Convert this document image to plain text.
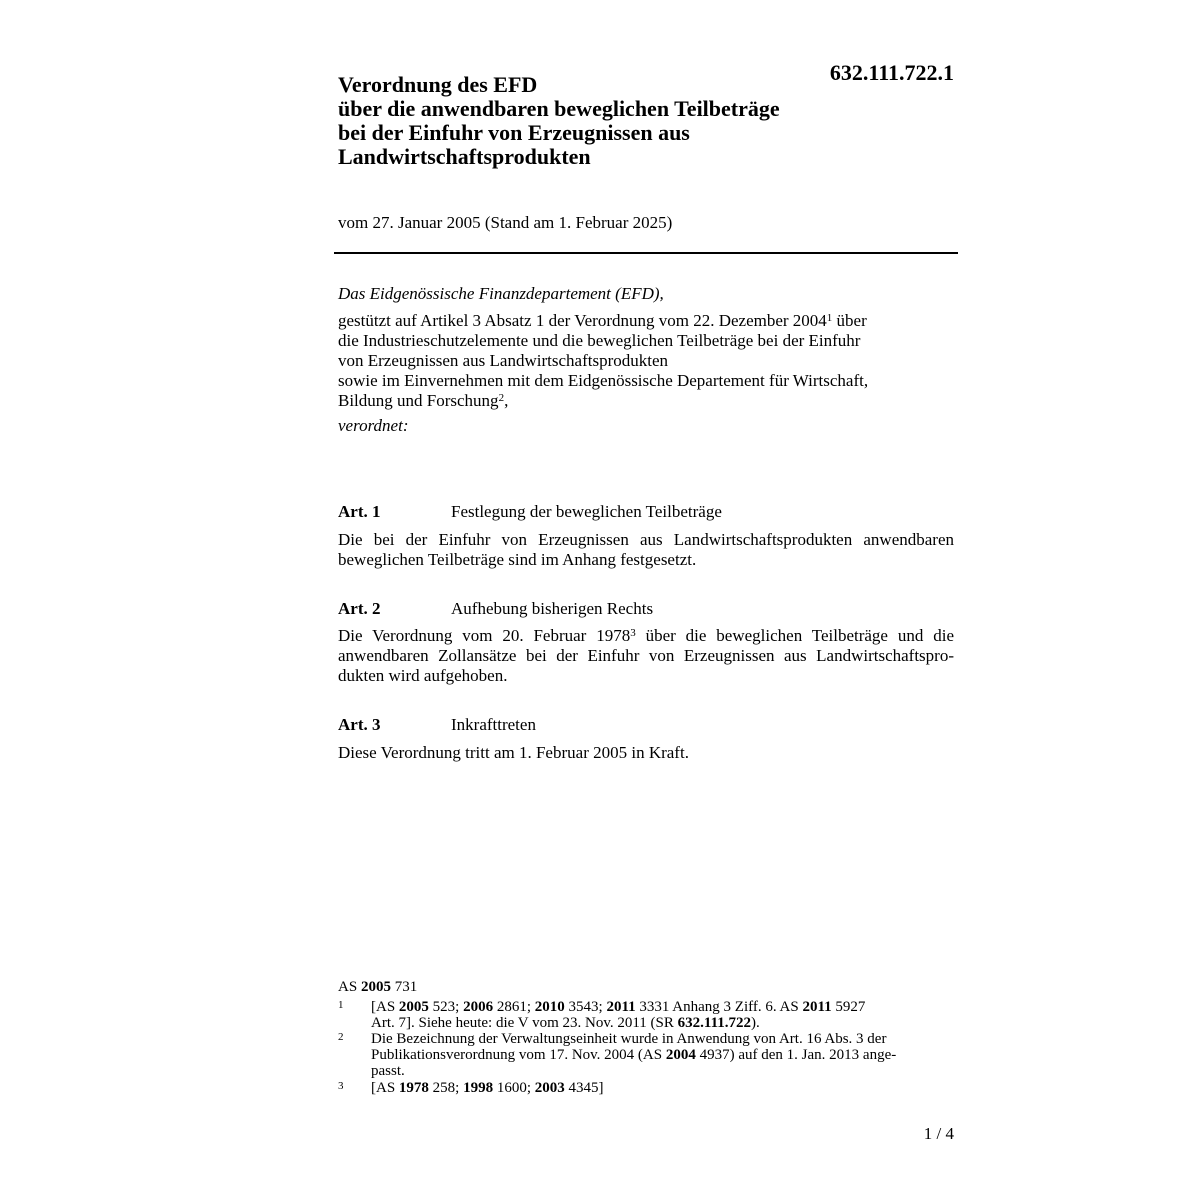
632.111.722.1
Verordnung des EFD
über die anwendbaren beweglichen Teilbeträge
bei der Einfuhr von Erzeugnissen aus
Landwirtschaftsprodukten
vom 27. Januar 2005 (Stand am 1. Februar 2025)
Das Eidgenössische Finanzdepartement (EFD),
gestützt auf Artikel 3 Absatz 1 der Verordnung vom 22. Dezember 2004$^1$ über
die Industrieschutzelemente und die beweglichen Teilbeträge bei der Einfuhr
von Erzeugnissen aus Landwirtschaftsprodukten
sowie im Einvernehmen mit dem Eidgenössische Departement für Wirtschaft,
Bildung und Forschung$^2$,
verordnet:
Art. 1	Festlegung der beweglichen Teilbeträge
Die bei der Einfuhr von Erzeugnissen aus Landwirtschaftsprodukten anwendbaren
beweglichen Teilbeträge sind im Anhang festgesetzt.
Art. 2	Aufhebung bisherigen Rechts
Die Verordnung vom 20. Februar 1978$^3$ über die beweglichen Teilbeträge und die
anwendbaren Zollansätze bei der Einfuhr von Erzeugnissen aus Landwirtschaftspro-
dukten wird aufgehoben.
Art. 3	Inkrafttreten
Diese Verordnung tritt am 1. Februar 2005 in Kraft.
AS 2005 731
1 [AS 2005 523; 2006 2861; 2010 3543; 2011 3331 Anhang 3 Ziff. 6. AS 2011 5927
Art. 7]. Siehe heute: die V vom 23. Nov. 2011 (SR 632.111.722).
2 Die Bezeichnung der Verwaltungseinheit wurde in Anwendung von Art. 16 Abs. 3 der
Publikationsverordnung vom 17. Nov. 2004 (AS 2004 4937) auf den 1. Jan. 2013 ange-
passt.
3 [AS 1978 258; 1998 1600; 2003 4345]
1 / 4
